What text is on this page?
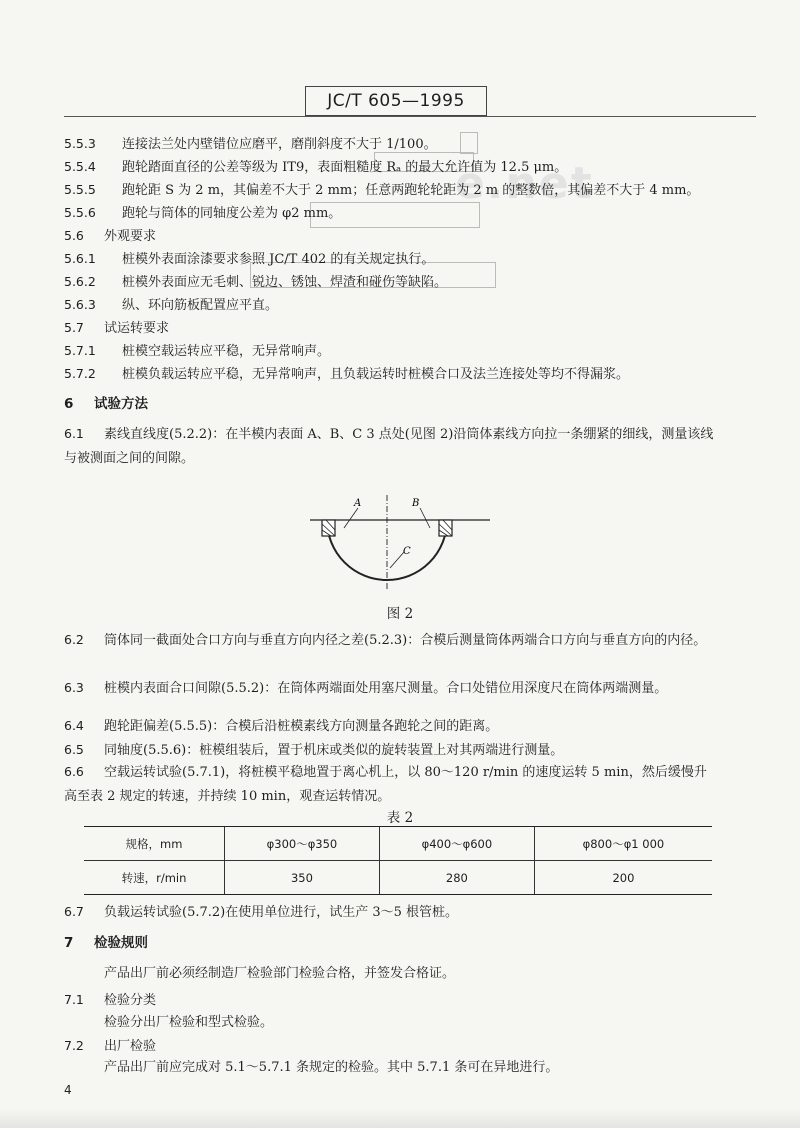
JC/T 605—1995
e.net
5.5.3 连接法兰处内壁错位应磨平，磨削斜度不大于 1/100。
5.5.4 跑轮踏面直径的公差等级为 IT9，表面粗糙度 Rₐ 的最大允许值为 12.5 μm。
5.5.5 跑轮距 S 为 2 m，其偏差不大于 2 mm；任意两跑轮轮距为 2 m 的整数倍，其偏差不大于 4 mm。
5.5.6 跑轮与筒体的同轴度公差为 φ2 mm。
5.6 外观要求
5.6.1 桩模外表面涂漆要求参照 JC/T 402 的有关规定执行。
5.6.2 桩模外表面应无毛刺、锐边、锈蚀、焊渣和碰伤等缺陷。
5.6.3 纵、环向筋板配置应平直。
5.7 试运转要求
5.7.1 桩模空载运转应平稳，无异常响声。
5.7.2 桩模负载运转应平稳，无异常响声，且负载运转时桩模合口及法兰连接处等均不得漏浆。
6 试验方法
6.1 素线直线度(5.2.2)：在半模内表面 A、B、C 3 点处(见图 2)沿筒体素线方向拉一条绷紧的细线，测量该线与被测面之间的间隙。
A	B
C
图 2
6.2 筒体同一截面处合口方向与垂直方向内径之差(5.2.3)：合模后测量筒体两端合口方向与垂直方向的内径。
6.3 桩模内表面合口间隙(5.5.2)：在筒体两端面处用塞尺测量。合口处错位用深度尺在筒体两端测量。
6.4 跑轮距偏差(5.5.5)：合模后沿桩模素线方向测量各跑轮之间的距离。
6.5 同轴度(5.5.6)：桩模组装后，置于机床或类似的旋转装置上对其两端进行测量。
6.6 空载运转试验(5.7.1)，将桩模平稳地置于离心机上，以 80～120 r/min 的速度运转 5 min，然后缓慢升高至表 2 规定的转速，并持续 10 min，观查运转情况。
表 2
规格，mm	φ300～φ350	φ400～φ600	φ800～φ1 000
转速，r/min	350	280	200
6.7 负载运转试验(5.7.2)在使用单位进行，试生产 3～5 根管桩。
7 检验规则
产品出厂前必须经制造厂检验部门检验合格，并签发合格证。
7.1 检验分类
检验分出厂检验和型式检验。
7.2 出厂检验
产品出厂前应完成对 5.1～5.7.1 条规定的检验。其中 5.7.1 条可在异地进行。
4
